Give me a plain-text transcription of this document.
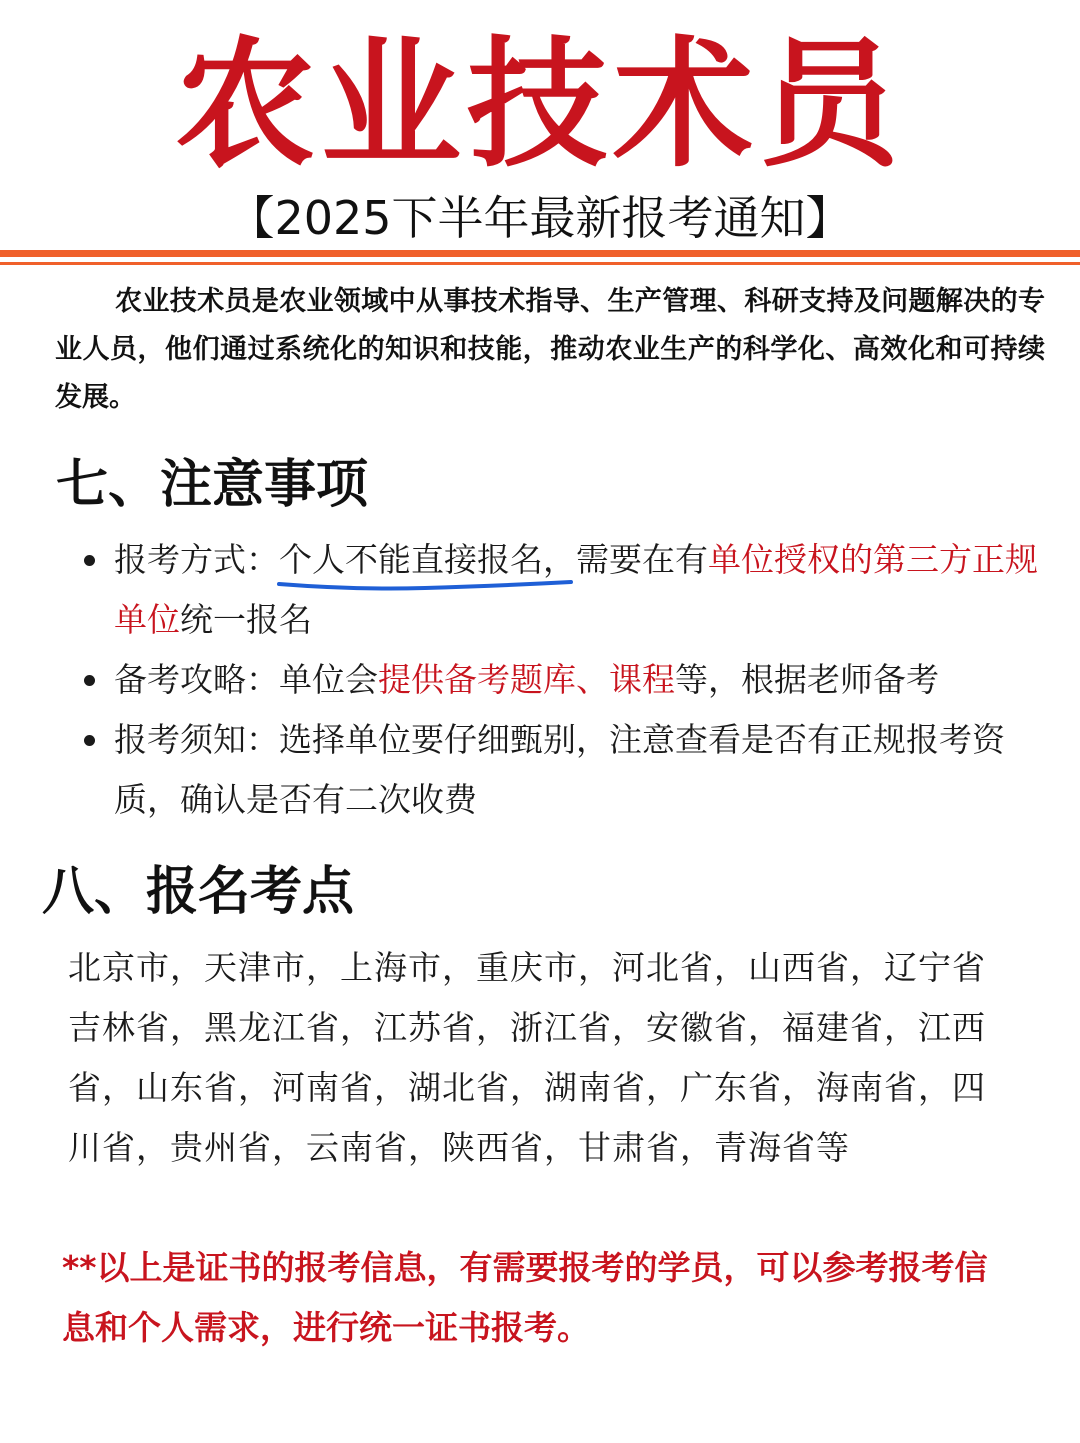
农业技术员
【2025下半年最新报考通知】
农业技术员是农业领域中从事技术指导、生产管理、科研支持及问题解决的专业人员，他们通过系统化的知识和技能，推动农业生产的科学化、高效化和可持续发展。
七、注意事项
报考方式：个人不能直接报名
，需要在有单位授权的第三方正规单位统一报名
备考攻略：单位会提供备考题库、课程等，根据老师备考
报考须知：选择单位要仔细甄别，注意查看是否有正规报考资质，确认是否有二次收费
八、报名考点
北京市，天津市，上海市，重庆市，河北省，山西省，辽宁省吉林省，黑龙江省，江苏省，浙江省，安徽省，福建省，江西省，山东省，河南省，湖北省，湖南省，广东省，海南省，四川省，贵州省，云南省，陕西省，甘肃省，青海省等
**以上是证书的报考信息，有需要报考的学员，可以参考报考信息和个人需求，进行统一证书报考。
